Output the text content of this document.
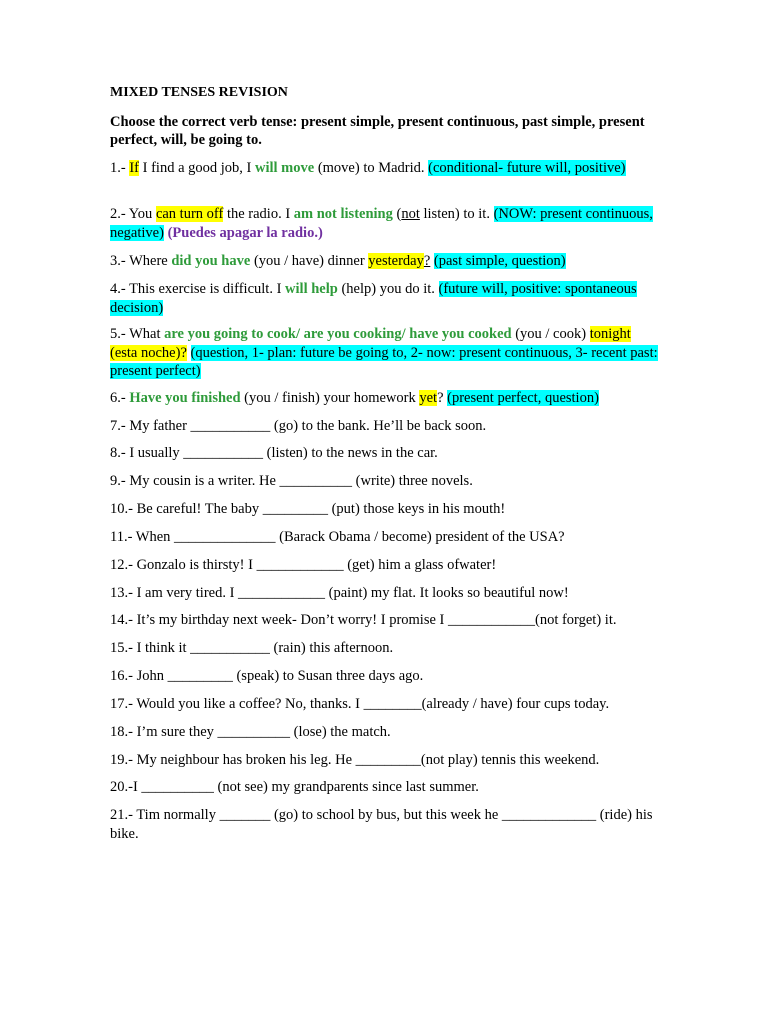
MIXED TENSES REVISION
Choose the correct verb tense: present simple, present continuous, past simple, present perfect, will, be going to.
1.- If I find a good job, I will move (move) to Madrid. (conditional- future will, positive)
2.- You can turn off the radio. I am not listening (not listen) to it. (NOW: present continuous, negative) (Puedes apagar la radio.)
3.- Where did you have (you / have) dinner yesterday? (past simple, question)
4.- This exercise is difficult. I will help (help) you do it. (future will, positive: spontaneous decision)
5.- What are you going to cook/ are you cooking/ have you cooked (you / cook) tonight (esta noche)? (question, 1- plan: future be going to, 2- now: present continuous, 3- recent past: present perfect)
6.- Have you finished (you / finish) your homework yet? (present perfect, question)
7.- My father ___________ (go) to the bank. He’ll be back soon.
8.- I usually ___________ (listen) to the news in the car.
9.- My cousin is a writer. He __________ (write) three novels.
10.- Be careful! The baby _________ (put) those keys in his mouth!
11.- When ______________ (Barack Obama / become) president of the USA?
12.- Gonzalo is thirsty! I ____________ (get) him a glass ofwater!
13.- I am very tired. I ____________ (paint) my flat. It looks so beautiful now!
14.- It’s my birthday next week- Don’t worry! I promise I ____________(not forget) it.
15.- I think it ___________ (rain) this afternoon.
16.- John _________ (speak) to Susan three days ago.
17.- Would you like a coffee? No, thanks. I ________(already / have) four cups today.
18.- I’m sure they __________ (lose) the match.
19.- My neighbour has broken his leg. He _________(not play) tennis this weekend.
20.-I __________ (not see) my grandparents since last summer.
21.- Tim normally _______ (go) to school by bus, but this week he _____________ (ride) his bike.
